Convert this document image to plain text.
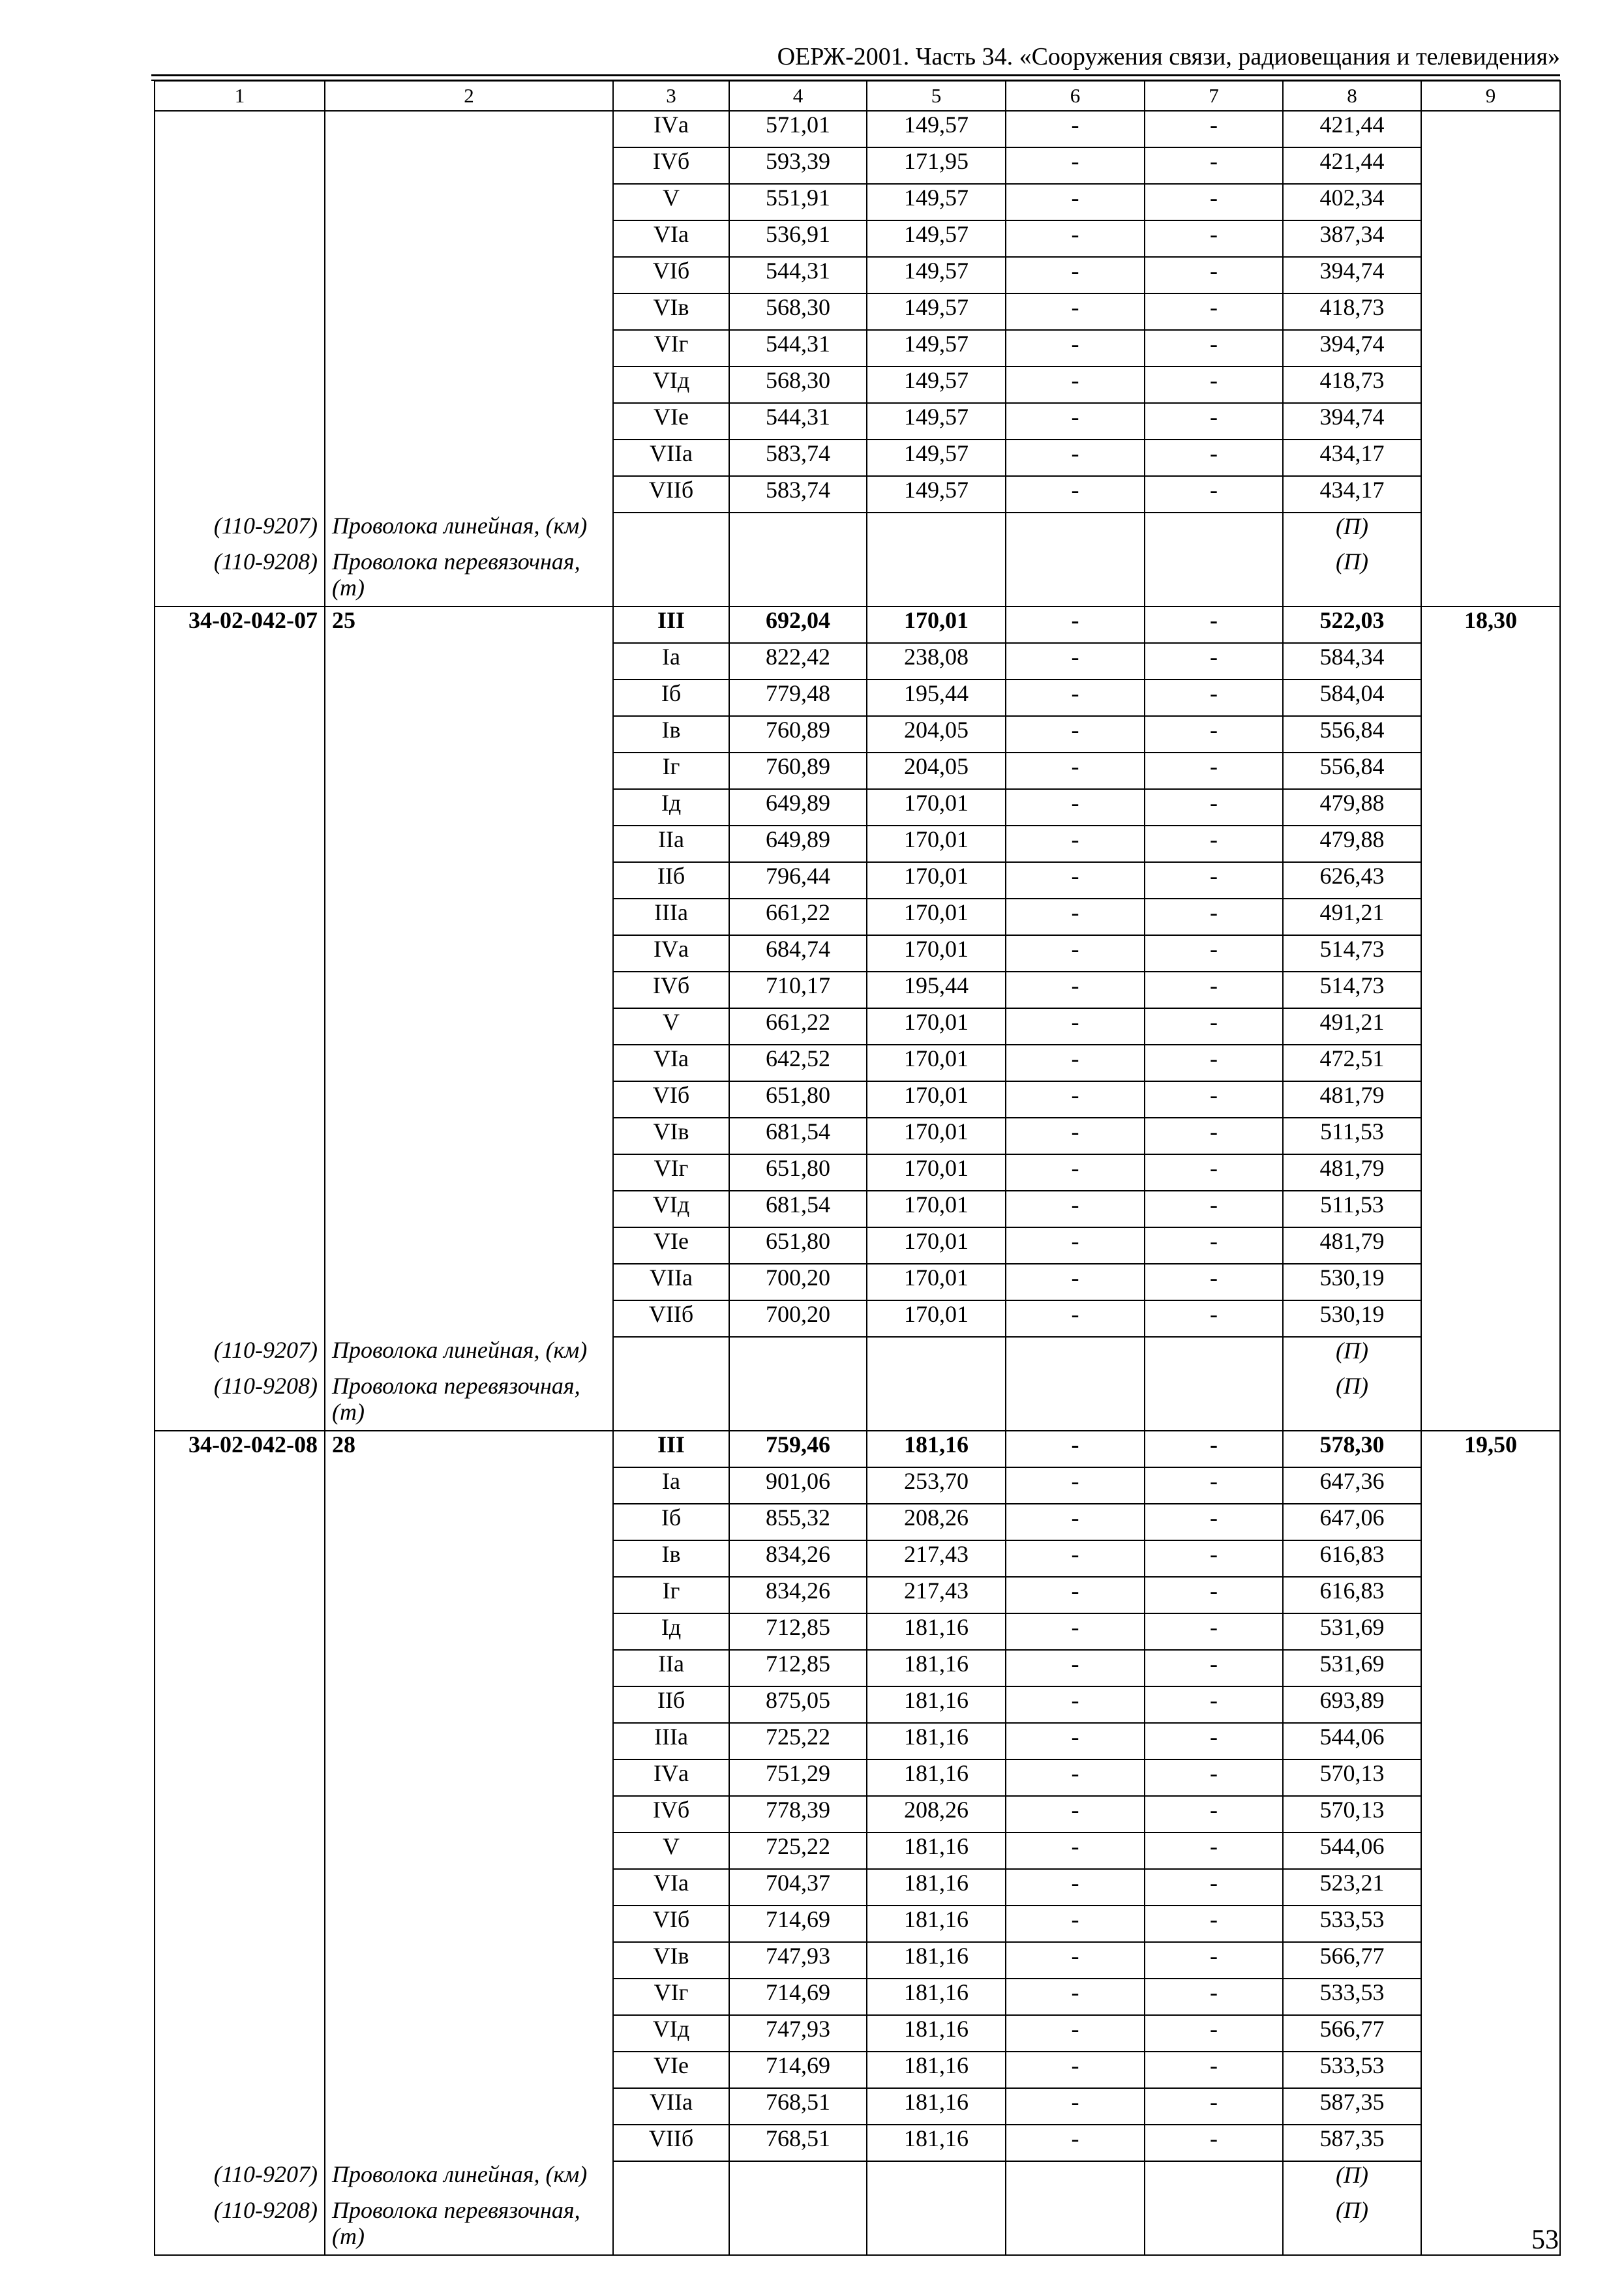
ОЕРЖ-2001. Часть 34. «Сооружения связи, радиовещания и телевидения»
1	2	3	4	5	6	7	8	9
		IVа	571,01	149,57	-	-	421,44	
		IVб	593,39	171,95	-	-	421,44	
		V	551,91	149,57	-	-	402,34	
		VIа	536,91	149,57	-	-	387,34	
		VIб	544,31	149,57	-	-	394,74	
		VIв	568,30	149,57	-	-	418,73	
		VIг	544,31	149,57	-	-	394,74	
		VIд	568,30	149,57	-	-	418,73	
		VIе	544,31	149,57	-	-	394,74	
		VIIа	583,74	149,57	-	-	434,17	
		VIIб	583,74	149,57	-	-	434,17	
(110-9207)	Проволока линейная, (км)						(П)	
(110-9208)	Проволока перевязочная, (т)						(П)	
34-02-042-07	25	III	692,04	170,01	-	-	522,03	18,30
		Iа	822,42	238,08	-	-	584,34	
		Iб	779,48	195,44	-	-	584,04	
		Iв	760,89	204,05	-	-	556,84	
		Iг	760,89	204,05	-	-	556,84	
		Iд	649,89	170,01	-	-	479,88	
		IIа	649,89	170,01	-	-	479,88	
		IIб	796,44	170,01	-	-	626,43	
		IIIа	661,22	170,01	-	-	491,21	
		IVа	684,74	170,01	-	-	514,73	
		IVб	710,17	195,44	-	-	514,73	
		V	661,22	170,01	-	-	491,21	
		VIа	642,52	170,01	-	-	472,51	
		VIб	651,80	170,01	-	-	481,79	
		VIв	681,54	170,01	-	-	511,53	
		VIг	651,80	170,01	-	-	481,79	
		VIд	681,54	170,01	-	-	511,53	
		VIе	651,80	170,01	-	-	481,79	
		VIIа	700,20	170,01	-	-	530,19	
		VIIб	700,20	170,01	-	-	530,19	
(110-9207)	Проволока линейная, (км)						(П)	
(110-9208)	Проволока перевязочная, (т)						(П)	
34-02-042-08	28	III	759,46	181,16	-	-	578,30	19,50
		Iа	901,06	253,70	-	-	647,36	
		Iб	855,32	208,26	-	-	647,06	
		Iв	834,26	217,43	-	-	616,83	
		Iг	834,26	217,43	-	-	616,83	
		Iд	712,85	181,16	-	-	531,69	
		IIа	712,85	181,16	-	-	531,69	
		IIб	875,05	181,16	-	-	693,89	
		IIIа	725,22	181,16	-	-	544,06	
		IVа	751,29	181,16	-	-	570,13	
		IVб	778,39	208,26	-	-	570,13	
		V	725,22	181,16	-	-	544,06	
		VIа	704,37	181,16	-	-	523,21	
		VIб	714,69	181,16	-	-	533,53	
		VIв	747,93	181,16	-	-	566,77	
		VIг	714,69	181,16	-	-	533,53	
		VIд	747,93	181,16	-	-	566,77	
		VIе	714,69	181,16	-	-	533,53	
		VIIа	768,51	181,16	-	-	587,35	
		VIIб	768,51	181,16	-	-	587,35	
(110-9207)	Проволока линейная, (км)						(П)	
(110-9208)	Проволока перевязочная, (т)						(П)	
53
